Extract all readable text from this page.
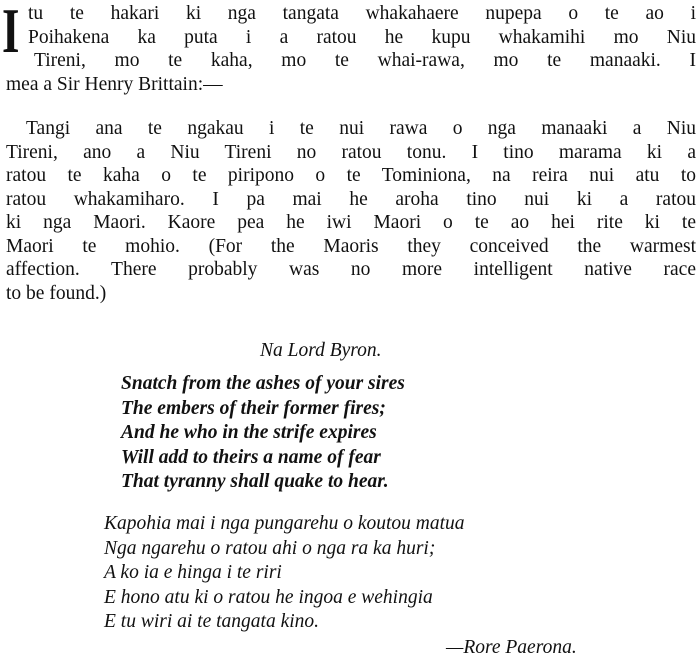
I tu te hakari ki nga tangata whakahaere nupepa o te ao i
Poihakena ka puta i a ratou he kupu whakamihi mo Niu
Tireni, mo te kaha, mo te whai-rawa, mo te manaaki. I
mea a Sir Henry Brittain:—
Tangi ana te ngakau i te nui rawa o nga manaaki a Niu
Tireni, ano a Niu Tireni no ratou tonu. I tino marama ki a
ratou te kaha o te piripono o te Tominiona, na reira nui atu to
ratou whakamiharo. I pa mai he aroha tino nui ki a ratou
ki nga Maori. Kaore pea he iwi Maori o te ao hei rite ki te
Maori te mohio. (For the Maoris they conceived the warmest
affection. There probably was no more intelligent native race
to be found.)
Na Lord Byron.
Snatch from the ashes of your sires
The embers of their former fires;
And he who in the strife expires
Will add to theirs a name of fear
That tyranny shall quake to hear.
Kapohia mai i nga pungarehu o koutou matua
Nga ngarehu o ratou ahi o nga ra ka huri;
A ko ia e hinga i te riri
E hono atu ki o ratou he ingoa e wehingia
E tu wiri ai te tangata kino.
—Rore Paerona.
